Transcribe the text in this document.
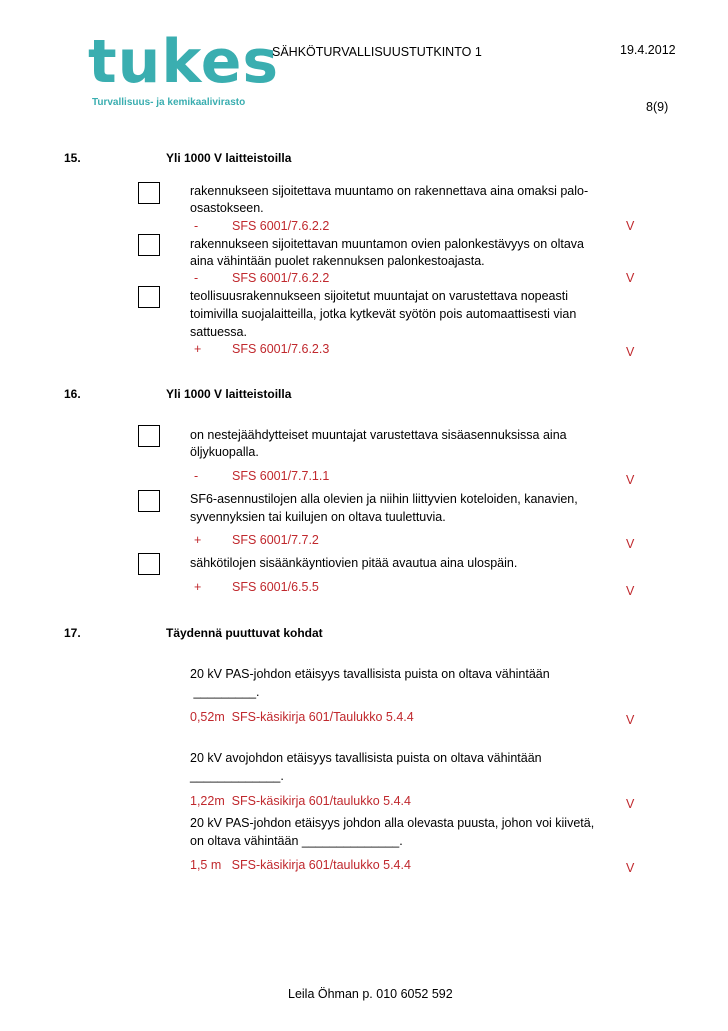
tukes
Turvallisuus- ja kemikaalivirasto
SÄHKÖTURVALLISUUSTUTKINTO 1	19.4.2012
8(9)
15.	Yli 1000 V laitteistoilla
rakennukseen sijoitettava muuntamo on rakennettava aina omaksi palo-
osastokseen.
-	SFS 6001/7.6.2.2	V
rakennukseen sijoitettavan muuntamon ovien palonkestävyys on oltava
aina vähintään puolet rakennuksen palonkestoajasta.
-	SFS 6001/7.6.2.2	V
teollisuusrakennukseen sijoitetut muuntajat on varustettava nopeasti
toimivilla suojalaitteilla, jotka kytkevät syötön pois automaattisesti vian
sattuessa.
+ SFS 6001/7.6.2.3	V
16.	Yli 1000 V laitteistoilla
on nestejäähdytteiset muuntajat varustettava sisäasennuksissa aina
öljykuopalla.
-	SFS 6001/7.7.1.1	V
SF6-asennustilojen alla olevien ja niihin liittyvien koteloiden, kanavien,
syvennyksien tai kuilujen on oltava tuulettuvia.
+ SFS 6001/7.7.2	V
sähkötilojen sisäänkäyntiovien pitää avautua aina ulospäin.
+ SFS 6001/6.5.5	V
17.	Täydennä puuttuvat kohdat
20 kV PAS-johdon etäisyys tavallisista puista on oltava vähintään
_________.
0,52m  SFS-käsikirja 601/Taulukko 5.4.4	V
20 kV avojohdon etäisyys tavallisista puista on oltava vähintään
_____________.
1,22m  SFS-käsikirja 601/taulukko 5.4.4	V
20 kV PAS-johdon etäisyys johdon alla olevasta puusta, johon voi kiivetä,
on oltava vähintään ______________.
1,5 m   SFS-käsikirja 601/taulukko 5.4.4	V
Leila Öhman p. 010 6052 592
